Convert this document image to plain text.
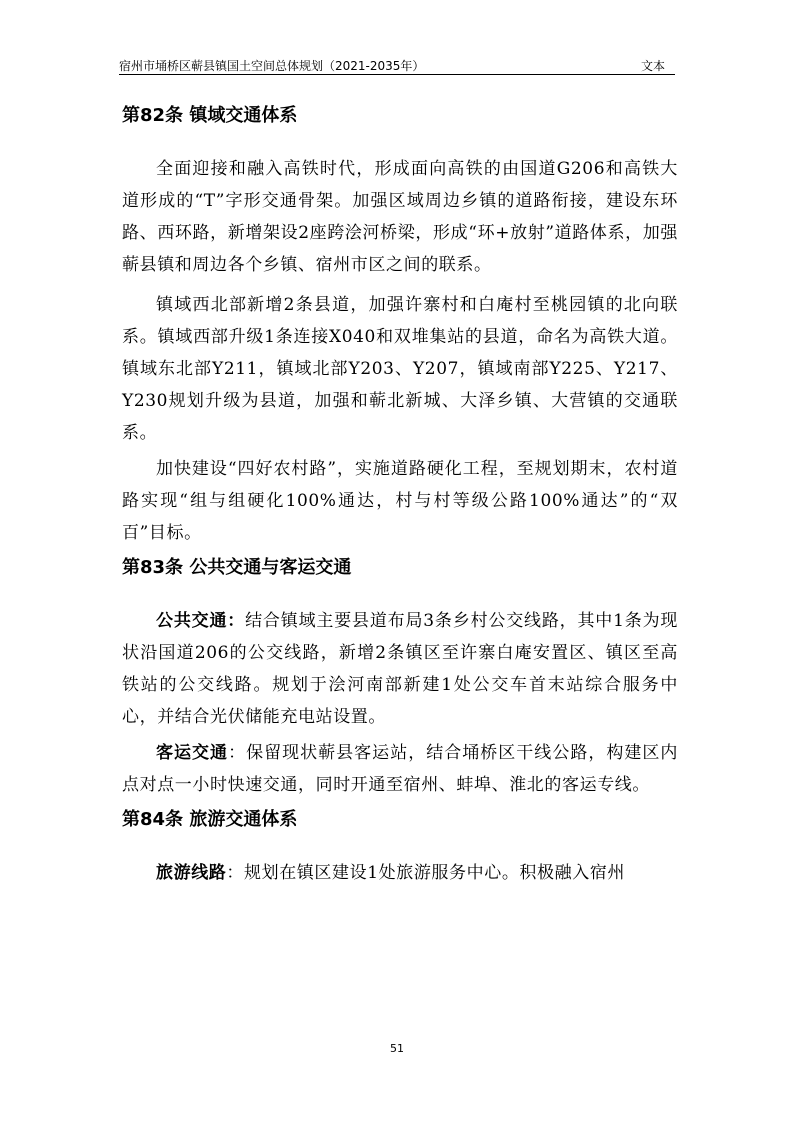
宿州市埇桥区蕲县镇国土空间总体规划（2021-2035年）	文本
第82条 镇域交通体系

全面迎接和融入高铁时代，形成面向高铁的由国道G206和高铁大道形成的“T”字形交通骨架。加强区域周边乡镇的道路衔接，建设东环路、西环路，新增架设2座跨浍河桥梁，形成“环+放射”道路体系，加强蕲县镇和周边各个乡镇、宿州市区之间的联系。

镇域西北部新增2条县道，加强许寨村和白庵村至桃园镇的北向联系。镇域西部升级1条连接X040和双堆集站的县道，命名为高铁大道。镇域东北部Y211，镇域北部Y203、Y207，镇域南部Y225、Y217、Y230规划升级为县道，加强和蕲北新城、大泽乡镇、大营镇的交通联系。

加快建设“四好农村路”，实施道路硬化工程，至规划期末，农村道路实现“组与组硬化100%通达，村与村等级公路100%通达”的“双百”目标。

第83条 公共交通与客运交通

公共交通：结合镇域主要县道布局3条乡村公交线路，其中1条为现状沿国道206的公交线路，新增2条镇区至许寨白庵安置区、镇区至高铁站的公交线路。规划于浍河南部新建1处公交车首末站综合服务中心，并结合光伏储能充电站设置。

客运交通：保留现状蕲县客运站，结合埇桥区干线公路，构建区内点对点一小时快速交通，同时开通至宿州、蚌埠、淮北的客运专线。

第84条 旅游交通体系

旅游线路：规划在镇区建设1处旅游服务中心。积极融入宿州

51
